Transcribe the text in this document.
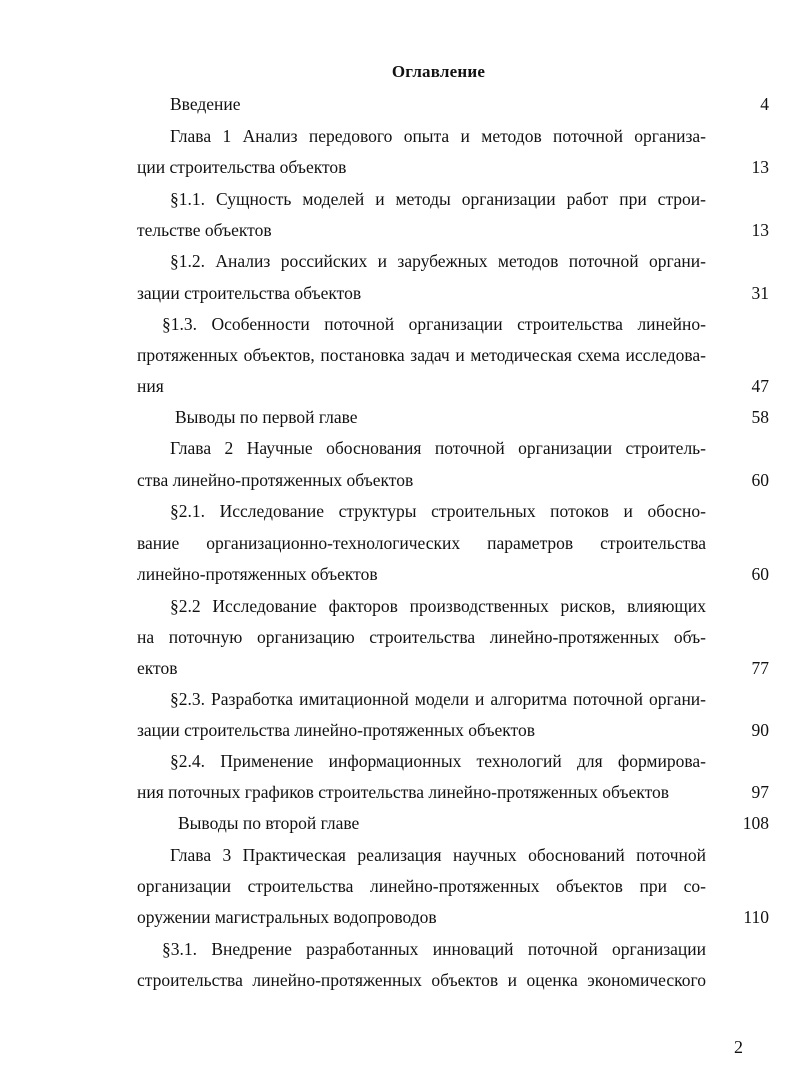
Оглавление
Введение	4
Глава 1 Анализ передового опыта и методов поточной организа-
ции строительства объектов	13
§1.1. Сущность моделей и методы организации работ при строи-
тельстве объектов	13
§1.2. Анализ российских и зарубежных методов поточной органи-
зации строительства объектов	31
§1.3. Особенности поточной организации строительства линейно-
протяженных объектов, постановка задач и методическая схема исследова-
ния	47
Выводы по первой главе	58
Глава 2 Научные обоснования поточной организации строитель-
ства линейно-протяженных объектов	60
§2.1. Исследование структуры строительных потоков и обосно-
вание организационно-технологических параметров строительства
линейно-протяженных объектов	60
§2.2 Исследование факторов производственных рисков, влияющих
на поточную организацию строительства линейно-протяженных объ-
ектов	77
§2.3. Разработка имитационной модели и алгоритма поточной органи-
зации строительства линейно-протяженных объектов	90
§2.4. Применение информационных технологий для формирова-
ния поточных графиков строительства линейно-протяженных объектов	97
Выводы по второй главе	108
Глава 3 Практическая реализация научных обоснований поточной
организации строительства линейно-протяженных объектов при со-
оружении магистральных водопроводов	110
§3.1. Внедрение разработанных инноваций поточной организации
строительства линейно-протяженных объектов и оценка экономического
2
